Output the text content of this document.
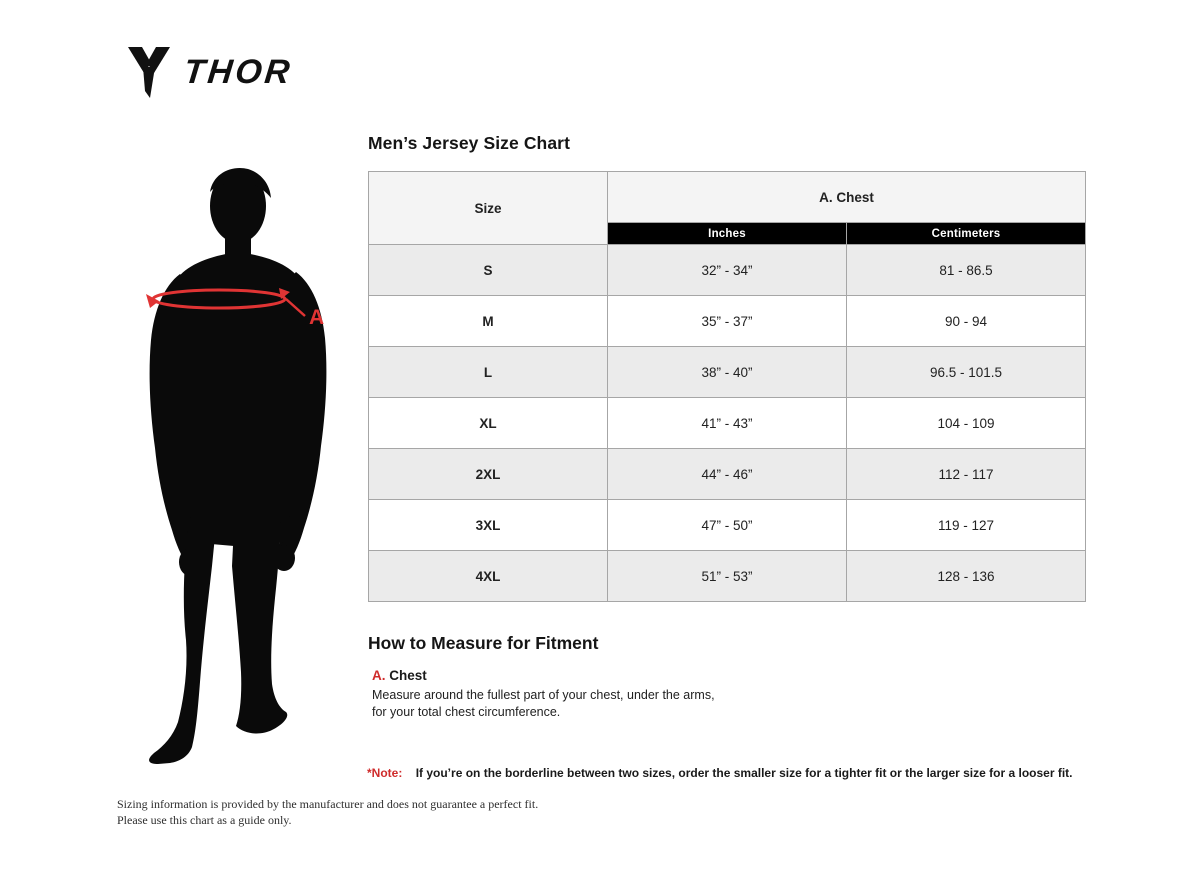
THOR
A
Men’s Jersey Size Chart
Size	A. Chest	

Inches	Centimeters

S	32” - 34”	81 - 86.5
M	35” - 37”	90 - 94
L	38” - 40”	96.5 - 101.5
XL	41” - 43”	104 - 109
2XL	44” - 46”	112 - 117
3XL	47” - 50”	119 - 127
4XL	51” - 53”	128 - 136
How to Measure for Fitment
A. Chest
Measure around the fullest part of your chest, under the arms, for your total chest circumference.
*Note: If you’re on the borderline between two sizes, order the smaller size for a tighter fit or the larger size for a looser fit.
Sizing information is provided by the manufacturer and does not guarantee a perfect fit.
Please use this chart as a guide only.
